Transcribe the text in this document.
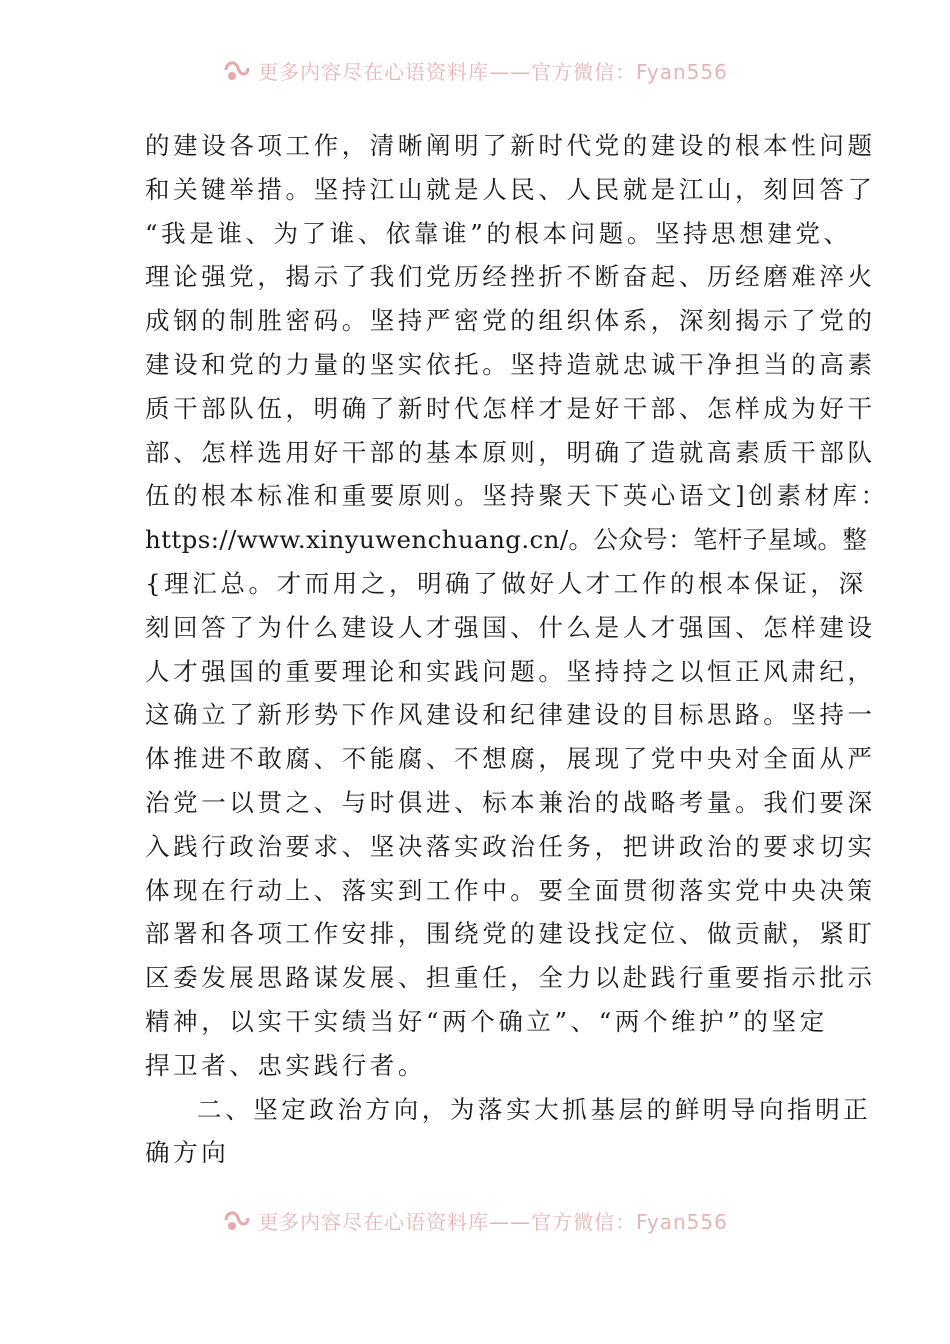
更多内容尽在心语资料库——官方微信：Fyan556
的建设各项工作，清晰阐明了新时代党的建设的根本性问题
和关键举措。坚持江山就是人民、人民就是江山，刻回答了
“我是谁、为了谁、依靠谁”的根本问题。坚持思想建党、
理论强党，揭示了我们党历经挫折不断奋起、历经磨难淬火
成钢的制胜密码。坚持严密党的组织体系，深刻揭示了党的
建设和党的力量的坚实依托。坚持造就忠诚干净担当的高素
质干部队伍，明确了新时代怎样才是好干部、怎样成为好干
部、怎样选用好干部的基本原则，明确了造就高素质干部队
伍的根本标准和重要原则。坚持聚天下英心语文]创素材库：
https://www.xinyuwenchuang.cn/。公众号：笔杆子星域。整
{理汇总。才而用之，明确了做好人才工作的根本保证，深
刻回答了为什么建设人才强国、什么是人才强国、怎样建设
人才强国的重要理论和实践问题。坚持持之以恒正风肃纪，
这确立了新形势下作风建设和纪律建设的目标思路。坚持一
体推进不敢腐、不能腐、不想腐，展现了党中央对全面从严
治党一以贯之、与时俱进、标本兼治的战略考量。我们要深
入践行政治要求、坚决落实政治任务，把讲政治的要求切实
体现在行动上、落实到工作中。要全面贯彻落实党中央决策
部署和各项工作安排，围绕党的建设找定位、做贡献，紧盯
区委发展思路谋发展、担重任，全力以赴践行重要指示批示
精神，以实干实绩当好“两个确立”、“两个维护”的坚定
捍卫者、忠实践行者。
二、坚定政治方向，为落实大抓基层的鲜明导向指明正
确方向
更多内容尽在心语资料库——官方微信：Fyan556
